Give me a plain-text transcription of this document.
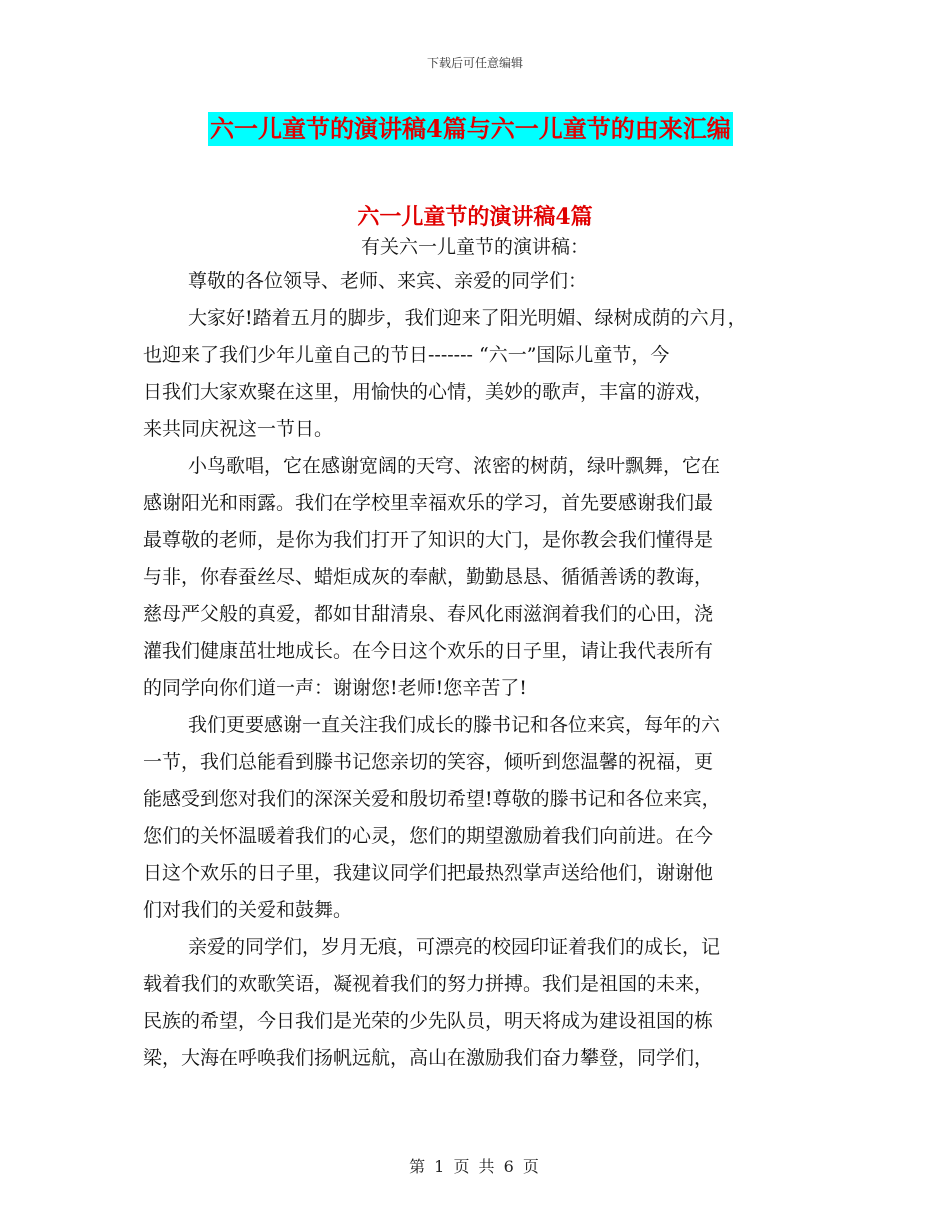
下载后可任意编辑
六一儿童节的演讲稿4篇与六一儿童节的由来汇编
六一儿童节的演讲稿4篇
有关六一儿童节的演讲稿：
尊敬的各位领导、老师、来宾、亲爱的同学们：
大家好!踏着五月的脚步，我们迎来了阳光明媚、绿树成荫的六月，
也迎来了我们少年儿童自己的节日------- “六一”国际儿童节，今
日我们大家欢聚在这里，用愉快的心情，美妙的歌声，丰富的游戏，
来共同庆祝这一节日。
小鸟歌唱，它在感谢宽阔的天穹、浓密的树荫，绿叶飘舞，它在
感谢阳光和雨露。我们在学校里幸福欢乐的学习，首先要感谢我们最
最尊敬的老师，是你为我们打开了知识的大门，是你教会我们懂得是
与非，你春蚕丝尽、蜡炬成灰的奉献，勤勤恳恳、循循善诱的教诲，
慈母严父般的真爱，都如甘甜清泉、春风化雨滋润着我们的心田，浇
灌我们健康茁壮地成长。在今日这个欢乐的日子里，请让我代表所有
的同学向你们道一声：谢谢您!老师!您辛苦了!
我们更要感谢一直关注我们成长的滕书记和各位来宾，每年的六
一节，我们总能看到滕书记您亲切的笑容，倾听到您温馨的祝福，更
能感受到您对我们的深深关爱和殷切希望!尊敬的滕书记和各位来宾，
您们的关怀温暖着我们的心灵，您们的期望激励着我们向前进。在今
日这个欢乐的日子里，我建议同学们把最热烈掌声送给他们，谢谢他
们对我们的关爱和鼓舞。
亲爱的同学们，岁月无痕，可漂亮的校园印证着我们的成长，记
载着我们的欢歌笑语，凝视着我们的努力拼搏。我们是祖国的未来，
民族的希望，今日我们是光荣的少先队员，明天将成为建设祖国的栋
梁，大海在呼唤我们扬帆远航，高山在激励我们奋力攀登，同学们，
第 1 页 共 6 页
